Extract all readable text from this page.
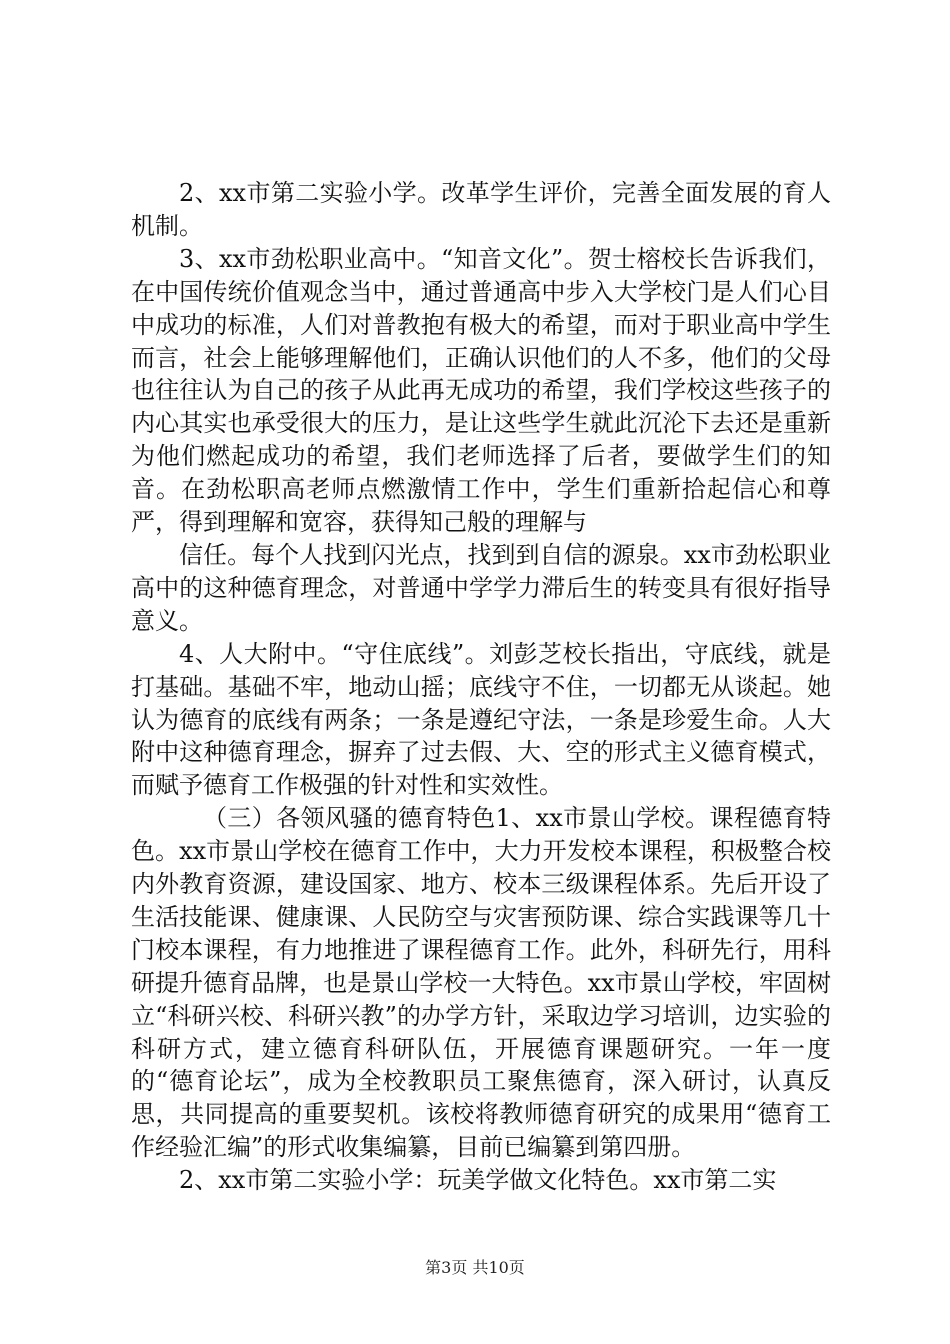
2、xx市第二实验小学。改革学生评价，完善全面发展的育人机制。

3、xx市劲松职业高中。“知音文化”。贺士榕校长告诉我们，在中国传统价值观念当中，通过普通高中步入大学校门是人们心目中成功的标准，人们对普教抱有极大的希望，而对于职业高中学生而言，社会上能够理解他们，正确认识他们的人不多，他们的父母也往往认为自己的孩子从此再无成功的希望，我们学校这些孩子的内心其实也承受很大的压力，是让这些学生就此沉沦下去还是重新为他们燃起成功的希望，我们老师选择了后者，要做学生们的知音。在劲松职高老师点燃激情工作中，学生们重新拾起信心和尊严，得到理解和宽容，获得知己般的理解与

信任。每个人找到闪光点，找到到自信的源泉。xx市劲松职业高中的这种德育理念，对普通中学学力滞后生的转变具有很好指导意义。

4、人大附中。“守住底线”。刘彭芝校长指出，守底线，就是打基础。基础不牢，地动山摇；底线守不住，一切都无从谈起。她认为德育的底线有两条；一条是遵纪守法，一条是珍爱生命。人大附中这种德育理念，摒弃了过去假、大、空的形式主义德育模式，而赋予德育工作极强的针对性和实效性。

（三）各领风骚的德育特色1、xx市景山学校。课程德育特色。xx市景山学校在德育工作中，大力开发校本课程，积极整合校内外教育资源，建设国家、地方、校本三级课程体系。先后开设了生活技能课、健康课、人民防空与灾害预防课、综合实践课等几十门校本课程，有力地推进了课程德育工作。此外，科研先行，用科研提升德育品牌，也是景山学校一大特色。xx市景山学校，牢固树立“科研兴校、科研兴教”的办学方针，采取边学习培训，边实验的科研方式，建立德育科研队伍，开展德育课题研究。一年一度的“德育论坛”，成为全校教职员工聚焦德育，深入研讨，认真反思，共同提高的重要契机。该校将教师德育研究的成果用“德育工作经验汇编”的形式收集编纂，目前已编纂到第四册。

2、xx市第二实验小学：玩美学做文化特色。xx市第二实

第3页 共10页
